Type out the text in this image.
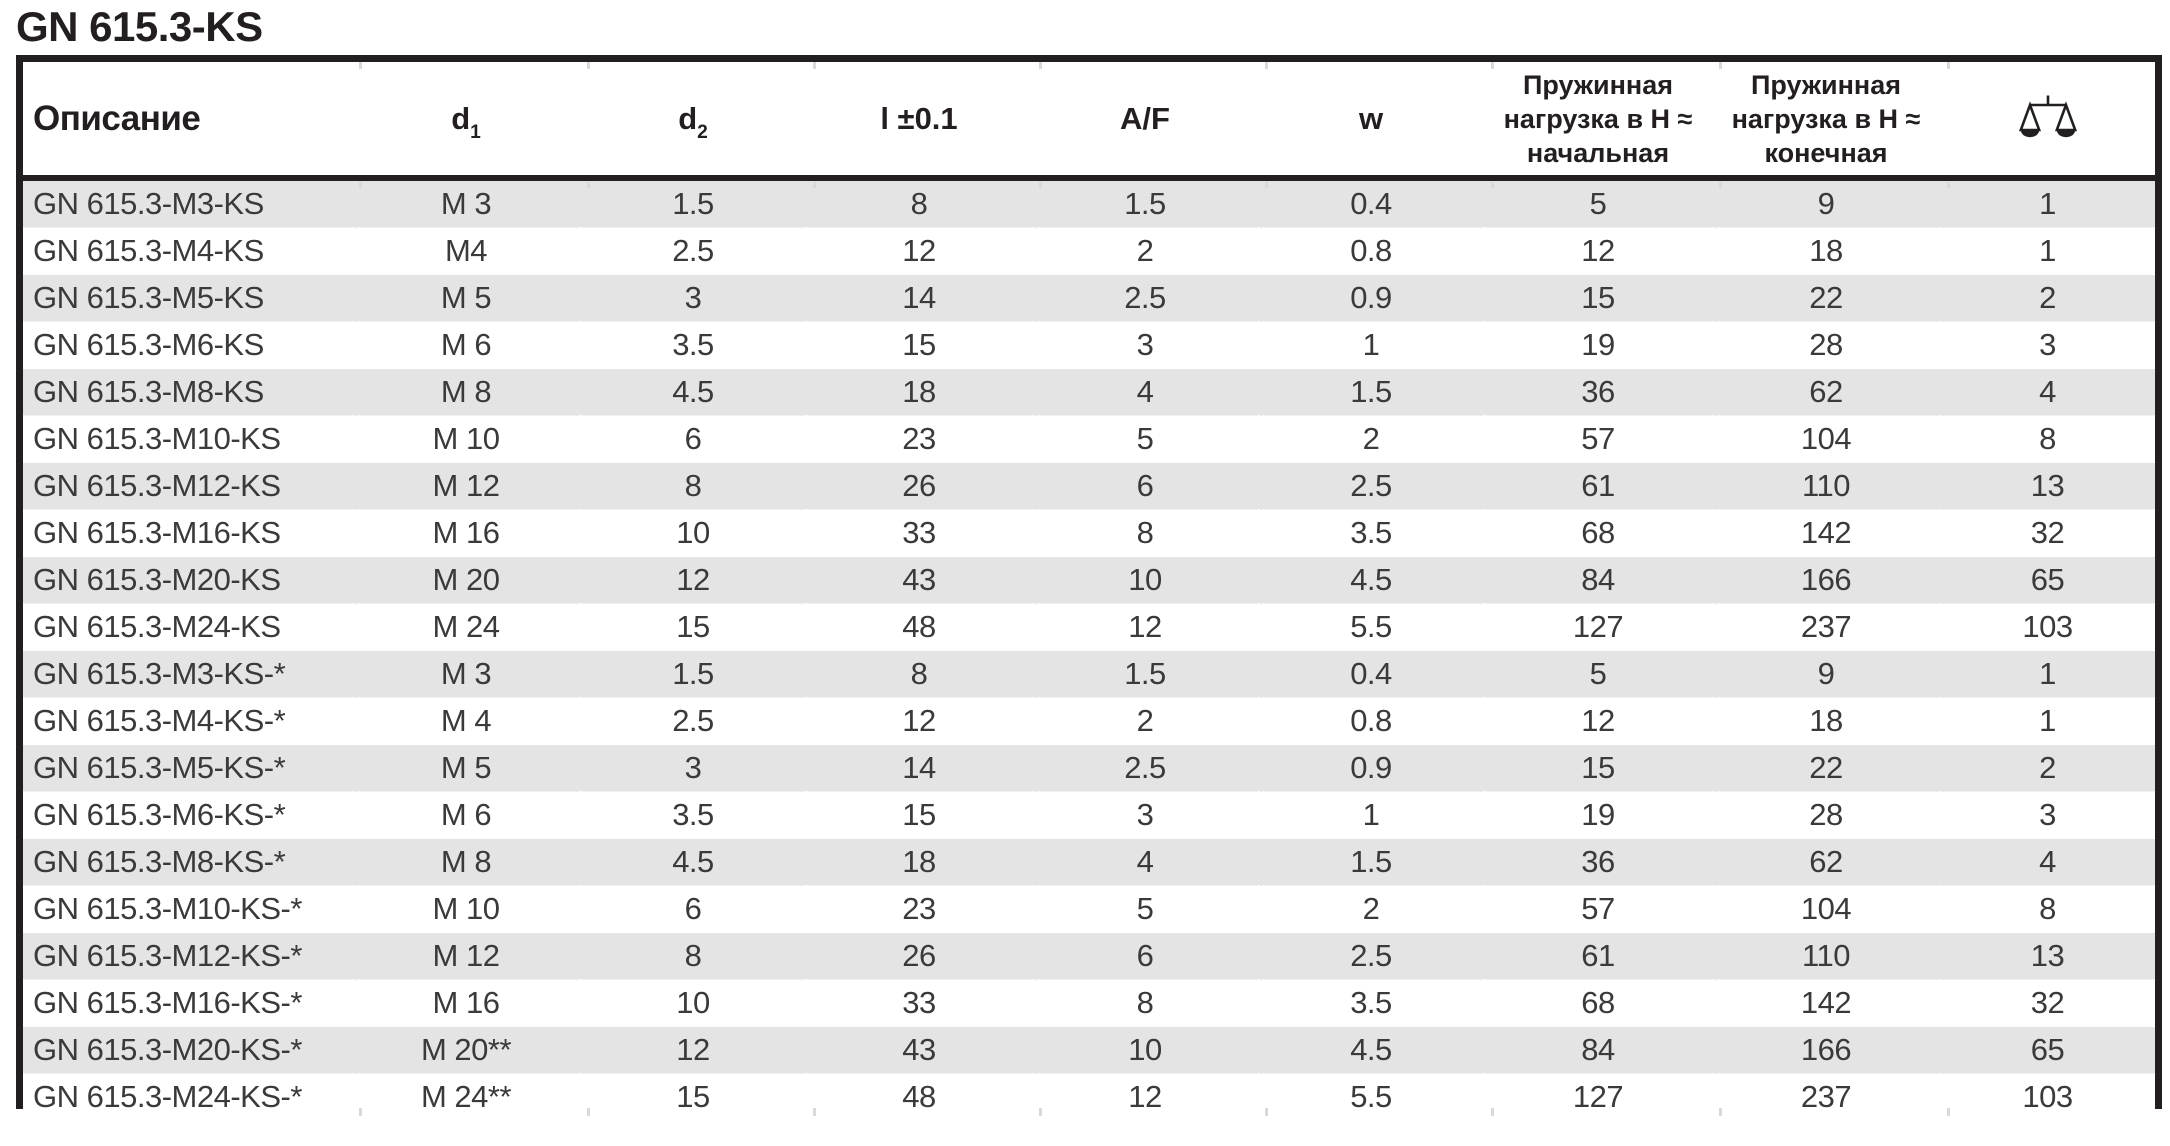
GN 615.3-KS
Описание	$d_1$	$d_2$	l ±0.1	A/F	w	Пружинная
нагрузка в Н ≈
начальная	Пружинная
нагрузка в Н ≈
конечная

GN 615.3-M3-KS	M 3	1.5	8	1.5	0.4	5	9	1
GN 615.3-M4-KS	M4	2.5	12	2	0.8	12	18	1
GN 615.3-M5-KS	M 5	3	14	2.5	0.9	15	22	2
GN 615.3-M6-KS	M 6	3.5	15	3	1	19	28	3
GN 615.3-M8-KS	M 8	4.5	18	4	1.5	36	62	4
GN 615.3-M10-KS	M 10	6	23	5	2	57	104	8
GN 615.3-M12-KS	M 12	8	26	6	2.5	61	110	13
GN 615.3-M16-KS	M 16	10	33	8	3.5	68	142	32
GN 615.3-M20-KS	M 20	12	43	10	4.5	84	166	65
GN 615.3-M24-KS	M 24	15	48	12	5.5	127	237	103
GN 615.3-M3-KS-*	M 3	1.5	8	1.5	0.4	5	9	1
GN 615.3-M4-KS-*	M 4	2.5	12	2	0.8	12	18	1
GN 615.3-M5-KS-*	M 5	3	14	2.5	0.9	15	22	2
GN 615.3-M6-KS-*	M 6	3.5	15	3	1	19	28	3
GN 615.3-M8-KS-*	M 8	4.5	18	4	1.5	36	62	4
GN 615.3-M10-KS-*	M 10	6	23	5	2	57	104	8
GN 615.3-M12-KS-*	M 12	8	26	6	2.5	61	110	13
GN 615.3-M16-KS-*	M 16	10	33	8	3.5	68	142	32
GN 615.3-M20-KS-*	M 20**	12	43	10	4.5	84	166	65
GN 615.3-M24-KS-*	M 24**	15	48	12	5.5	127	237	103
